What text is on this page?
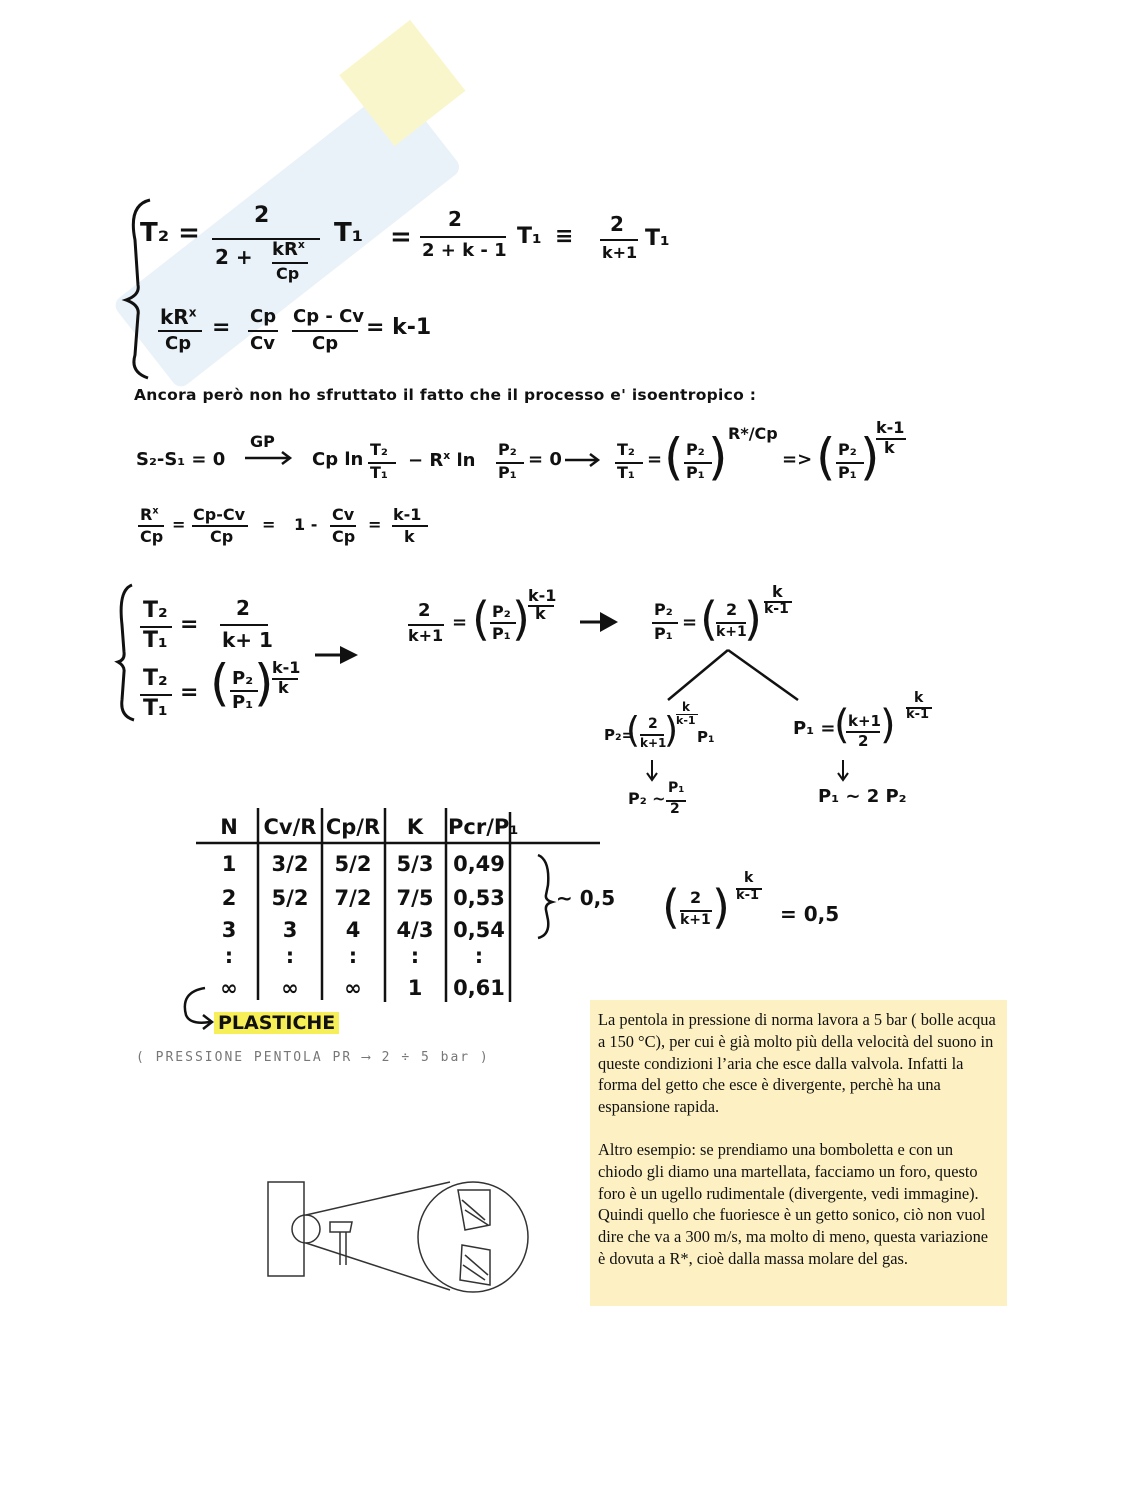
T₂ =
2
$2 + kR^x$
Cp
T₁ =
2
2 + k - 1
T₁ ≡ 2
k+1
T₁
$kR^x$
Cp
= Cp
Cv
Cp - Cv
Cp
= k-1
Ancora però non ho sfruttato il fatto che il processo e' isoentropico :
S₂-S₁ = 0
GP
Cp ln T₂
T₁
− $R^x$ ln
P₂
P₁
= 0	T₂
T₁
= ( P₂
P₁ ) R*/Cp
=> ( P₂
P₁ )
k-1
k
$R^x$
Cp
=
Cp-Cv
Cp
= 1 -
Cv
Cp
=
k-1
k
T₂
T₁
=
2
k+ 1
T₂
T₁
= ( P₂
P₁ )
k-1
k
2
k+1
= ( P₂
P₁ )
k-1
k	P₂
P₁
= ( 2
k+1
)
k
k-1
P₂=
( 2
k+1
)
k
k-1
P₁
P₂ ∼
P₁
2
P₁ =
(
k+1
2 )
k
k-1
P₁ ∼ 2 P₂
N Cv/R Cp/R	K	Pcr/P₁
1	3/2	5/2	5/3 0,49
2	5/2	7/2	7/5 0,53
3	3	4	4/3 0,54
:	:	:	:	:
∞	∞	∞	1	0,61
∼ 0,5 ( 2
k+1 )
k
k-1
= 0,5
PLASTICHE
( PRESSIONE PENTOLA PR ⟶ 2 ÷ 5 bar )

La pentola in pressione di norma lavora a 5 bar ( bolle acqua a 150 °C), per cui è già molto più della velocità del suono in queste condizioni l’aria che esce dalla valvola. Infatti la forma del getto che esce è divergente, perchè ha una espansione rapida.

Altro esempio: se prendiamo una bomboletta e con un chiodo gli diamo una martellata, facciamo un foro, questo foro è un ugello rudimentale (divergente, vedi immagine). Quindi quello che fuoriesce è un getto sonico, ciò non vuol dire che va a 300 m/s, ma molto di meno, questa variazione è dovuta a R*, cioè dalla massa molare del gas.
